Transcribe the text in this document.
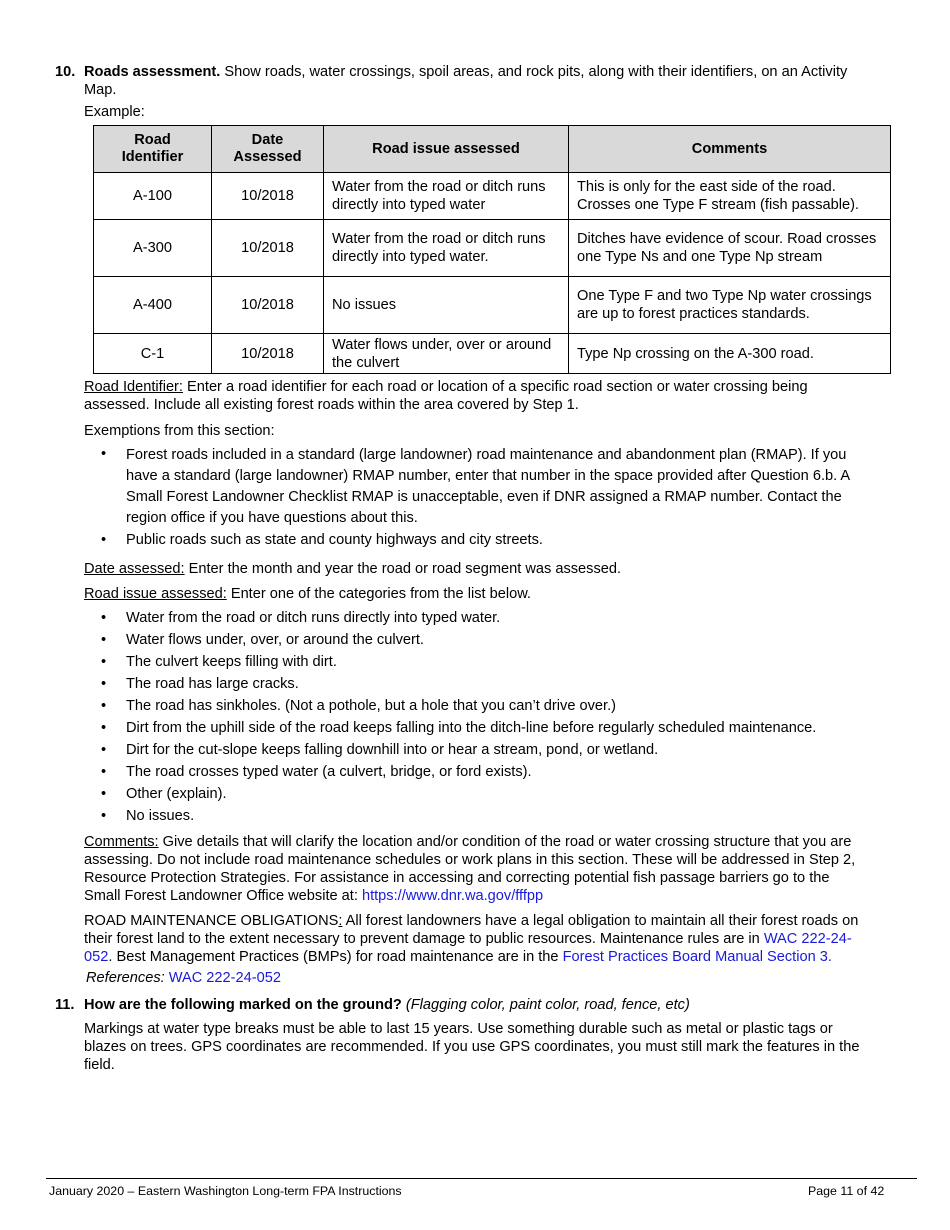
10. Roads assessment. Show roads, water crossings, spoil areas, and rock pits, along with their identifiers, on an Activity
Map.
Example:
Road Identifier	Date Assessed	Road issue assessed	Comments
A-100	10/2018	Water from the road or ditch runs directly into typed water	This is only for the east side of the road. Crosses one Type F stream (fish passable).
A-300	10/2018	Water from the road or ditch runs directly into typed water.	Ditches have evidence of scour. Road crosses one Type Ns and one Type Np stream
A-400	10/2018	No issues	One Type F and two Type Np water crossings are up to forest practices standards.
C-1	10/2018	Water flows under, over or around the culvert	Type Np crossing on the A-300 road.
Road Identifier: Enter a road identifier for each road or location of a specific road section or water crossing being
assessed. Include all existing forest roads within the area covered by Step 1.
Exemptions from this section:
• Forest roads included in a standard (large landowner) road maintenance and abandonment plan (RMAP). If you
have a standard (large landowner) RMAP number, enter that number in the space provided after Question 6.b. A
Small Forest Landowner Checklist RMAP is unacceptable, even if DNR assigned a RMAP number. Contact the
region office if you have questions about this.
• Public roads such as state and county highways and city streets.
Date assessed: Enter the month and year the road or road segment was assessed.
Road issue assessed: Enter one of the categories from the list below.
• Water from the road or ditch runs directly into typed water.
• Water flows under, over, or around the culvert.
• The culvert keeps filling with dirt.
• The road has large cracks.
• The road has sinkholes. (Not a pothole, but a hole that you can’t drive over.)
• Dirt from the uphill side of the road keeps falling into the ditch-line before regularly scheduled maintenance.
• Dirt for the cut-slope keeps falling downhill into or hear a stream, pond, or wetland.
• The road crosses typed water (a culvert, bridge, or ford exists).
• Other (explain).
• No issues.
Comments: Give details that will clarify the location and/or condition of the road or water crossing structure that you are
assessing. Do not include road maintenance schedules or work plans in this section. These will be addressed in Step 2,
Resource Protection Strategies. For assistance in accessing and correcting potential fish passage barriers go to the
Small Forest Landowner Office website at: https://www.dnr.wa.gov/fffpp
ROAD MAINTENANCE OBLIGATIONS: All forest landowners have a legal obligation to maintain all their forest roads on
their forest land to the extent necessary to prevent damage to public resources. Maintenance rules are in WAC 222-24-
052. Best Management Practices (BMPs) for road maintenance are in the Forest Practices Board Manual Section 3.
References: WAC 222-24-052
11. How are the following marked on the ground? (Flagging color, paint color, road, fence, etc)
Markings at water type breaks must be able to last 15 years. Use something durable such as metal or plastic tags or
blazes on trees. GPS coordinates are recommended. If you use GPS coordinates, you must still mark the features in the
field.
January 2020 – Eastern Washington Long-term FPA Instructions	Page 11 of 42
